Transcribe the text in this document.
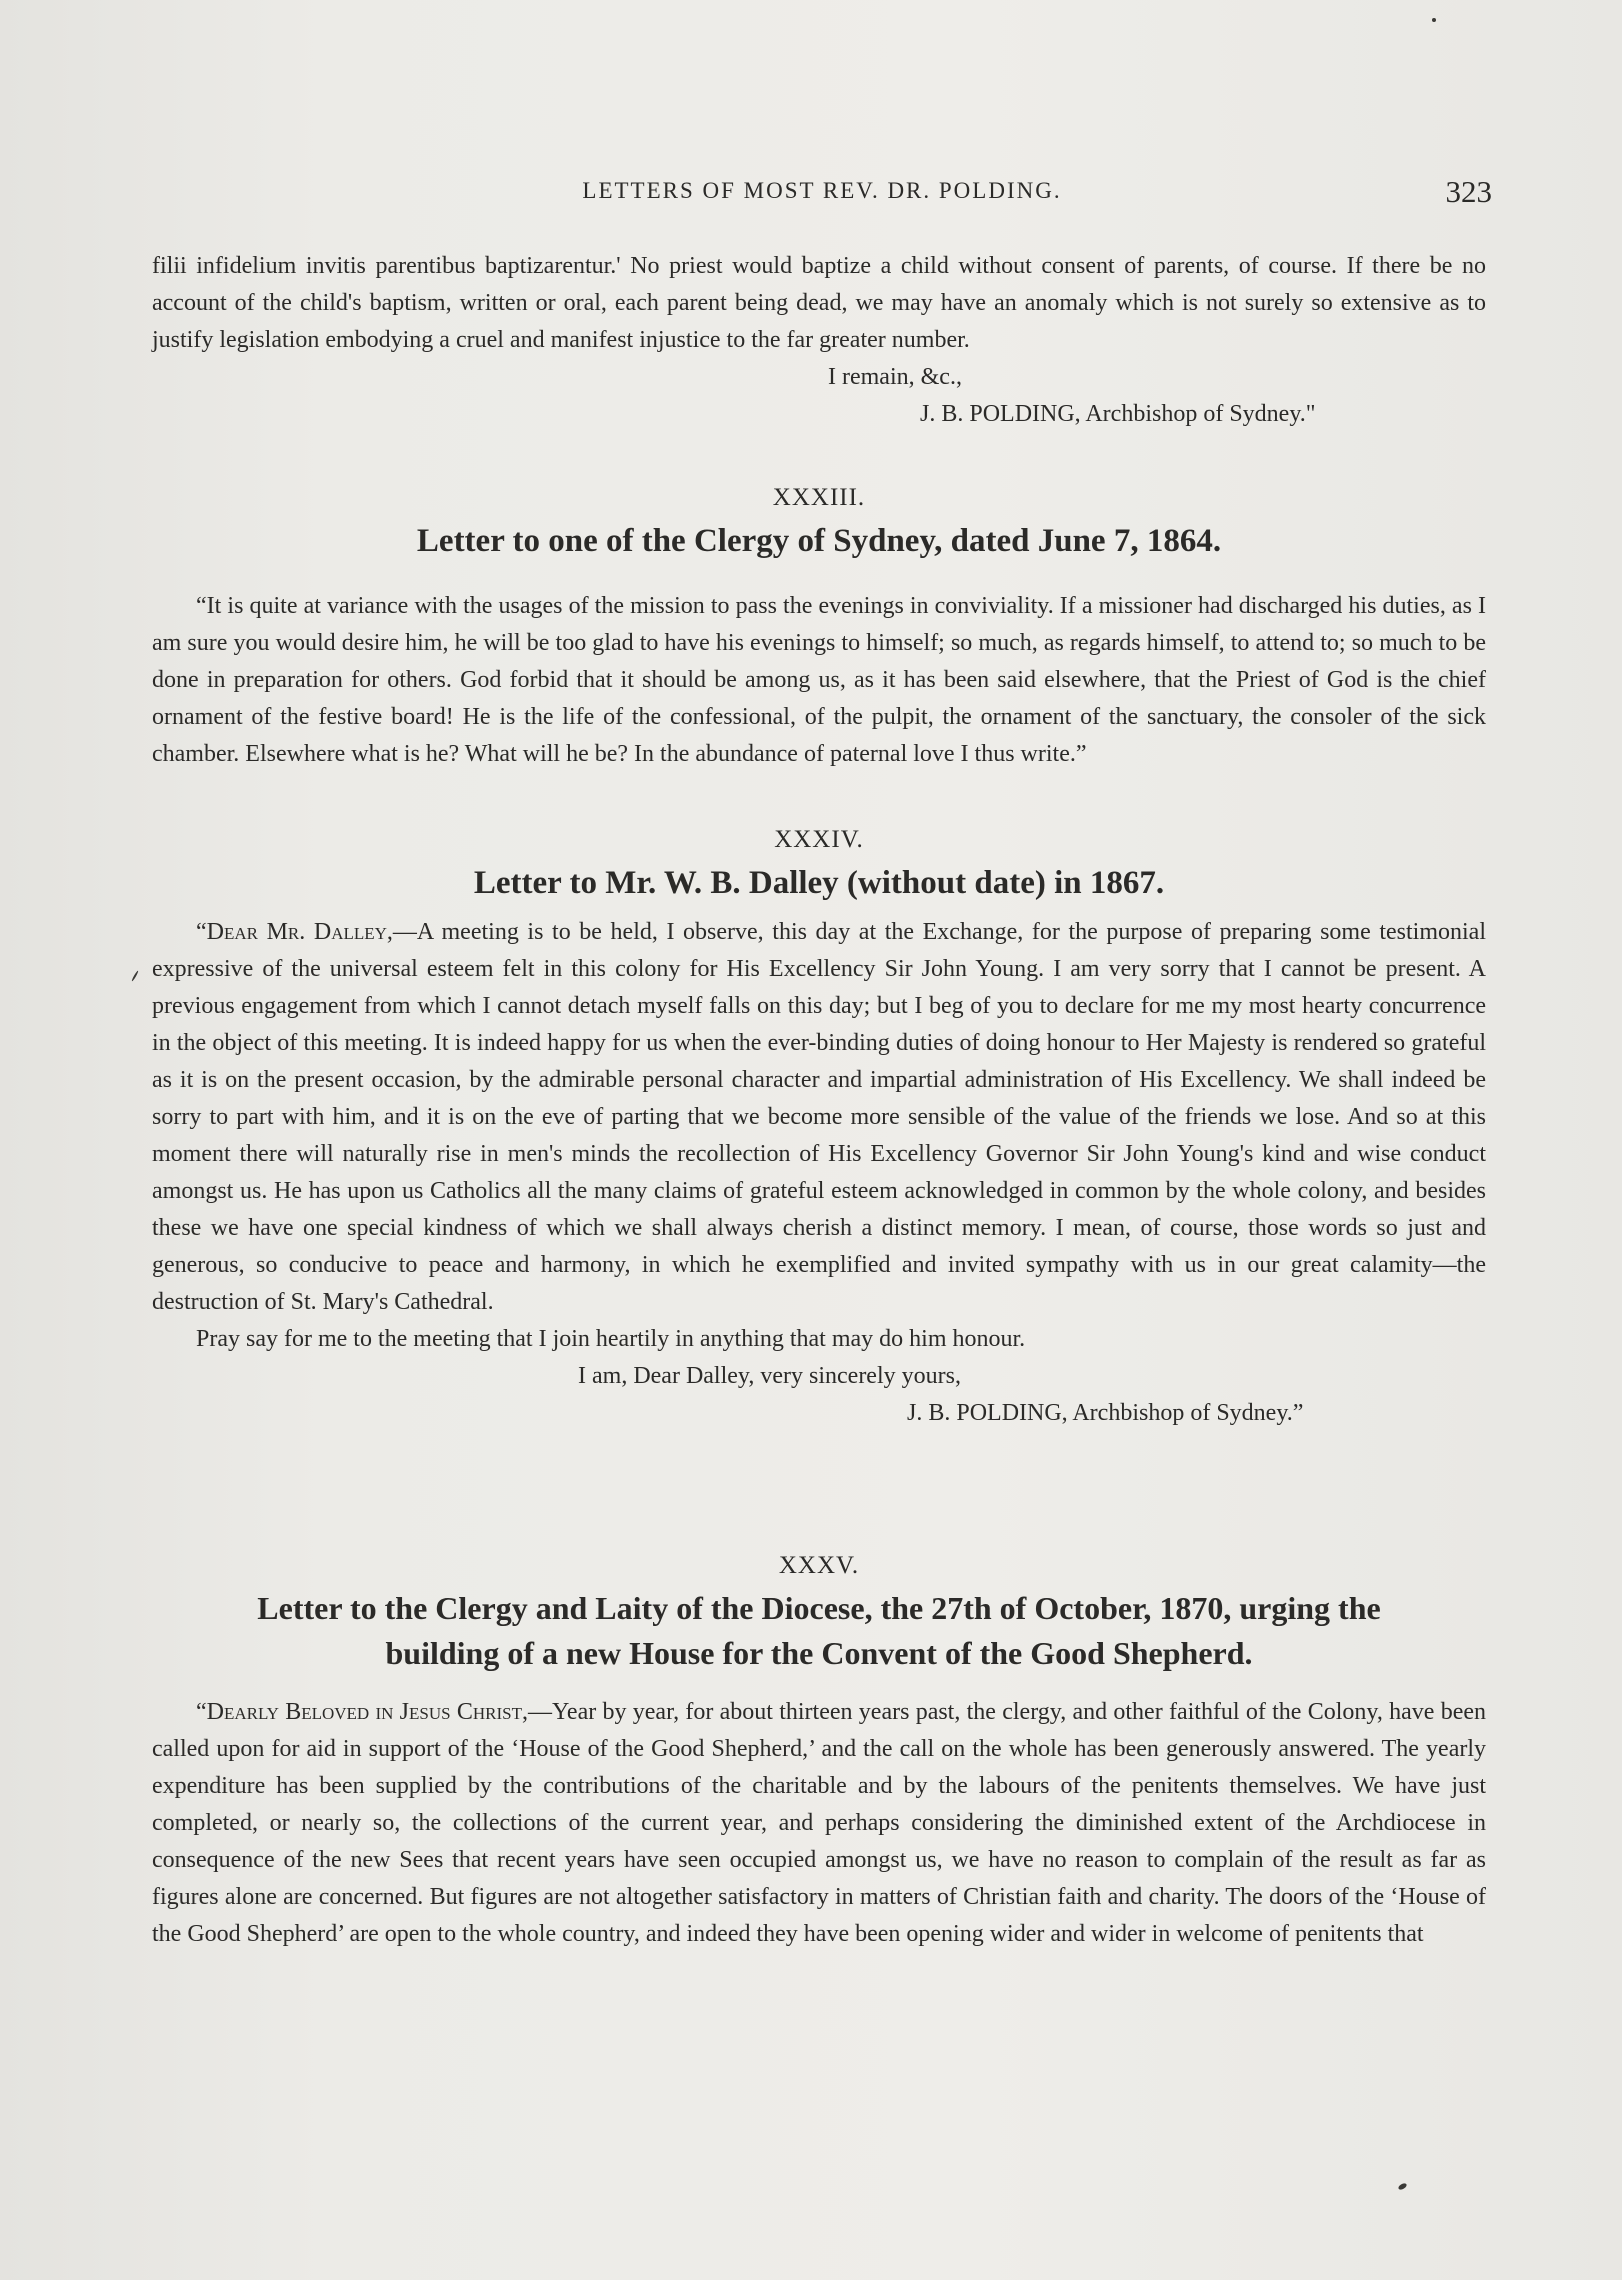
LETTERS OF MOST REV. DR. POLDING.	323

filii infidelium invitis parentibus baptizarentur.' No priest would baptize a child without consent of parents, of course. If there be no account of the child's baptism, written or oral, each parent being dead, we may have an anomaly which is not surely so extensive as to justify legislation embodying a cruel and manifest injustice to the far greater number.

I remain, &c.,
J. B. POLDING, Archbishop of Sydney."
XXXIII.
Letter to one of the Clergy of Sydney, dated June 7, 1864.

“It is quite at variance with the usages of the mission to pass the evenings in conviviality. If a missioner had discharged his duties, as I am sure you would desire him, he will be too glad to have his evenings to himself; so much, as regards himself, to attend to; so much to be done in preparation for others. God forbid that it should be among us, as it has been said elsewhere, that the Priest of God is the chief ornament of the festive board! He is the life of the confessional, of the pulpit, the ornament of the sanctuary, the consoler of the sick chamber. Elsewhere what is he? What will he be? In the abundance of paternal love I thus write.”

XXXIV.
Letter to Mr. W. B. Dalley (without date) in 1867.

“Dear Mr. Dalley,—A meeting is to be held, I observe, this day at the Exchange, for the purpose of preparing some testimonial expressive of the universal esteem felt in this colony for His Excellency Sir John Young. I am very sorry that I cannot be present. A previous engagement from which I cannot detach myself falls on this day; but I beg of you to declare for me my most hearty concurrence in the object of this meeting. It is indeed happy for us when the ever-binding duties of doing honour to Her Majesty is rendered so grateful as it is on the present occasion, by the admirable personal character and impartial administration of His Excellency. We shall indeed be sorry to part with him, and it is on the eve of parting that we become more sensible of the value of the friends we lose. And so at this moment there will naturally rise in men's minds the recollection of His Excellency Governor Sir John Young's kind and wise conduct amongst us. He has upon us Catholics all the many claims of grateful esteem acknowledged in common by the whole colony, and besides these we have one special kindness of which we shall always cherish a distinct memory. I mean, of course, those words so just and generous, so conducive to peace and harmony, in which he exemplified and invited sympathy with us in our great calamity—the destruction of St. Mary's Cathedral.

Pray say for me to the meeting that I join heartily in anything that may do him honour.

I am, Dear Dalley, very sincerely yours,
J. B. POLDING, Archbishop of Sydney.”
XXXV.
Letter to the Clergy and Laity of the Diocese, the 27th of October, 1870, urging the
building of a new House for the Convent of the Good Shepherd.

“Dearly Beloved in Jesus Christ,—Year by year, for about thirteen years past, the clergy, and other faithful of the Colony, have been called upon for aid in support of the ‘House of the Good Shepherd,’ and the call on the whole has been generously answered. The yearly expenditure has been supplied by the contributions of the charitable and by the labours of the penitents themselves. We have just completed, or nearly so, the collections of the current year, and perhaps considering the diminished extent of the Archdiocese in consequence of the new Sees that recent years have seen occupied amongst us, we have no reason to complain of the result as far as figures alone are concerned. But figures are not altogether satisfactory in matters of Christian faith and charity. The doors of the ‘House of the Good Shepherd’ are open to the whole country, and indeed they have been opening wider and wider in welcome of penitents that
